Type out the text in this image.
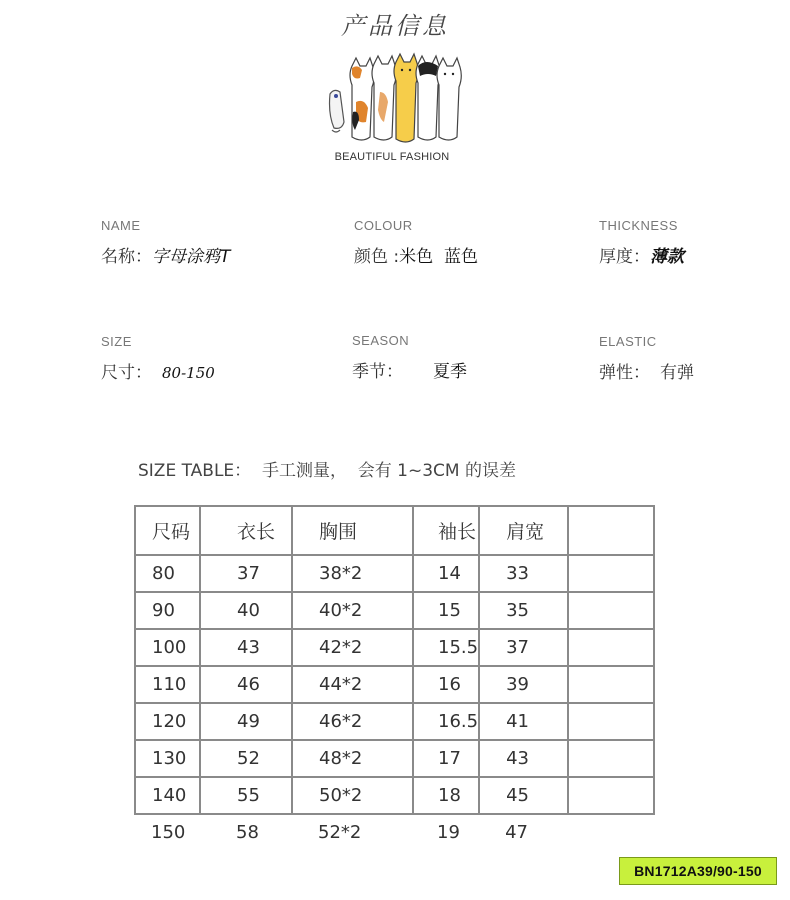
产品信息
BEAUTIFUL FASHION
NAME
名称：字母涂鸦T
COLOUR
颜色 :米色  蓝色
THICKNESS
厚度：薄款
SIZE
尺寸： 80-150
SEASON
季节： 夏季
ELASTIC
弹性： 有弹
SIZE TABLE：  手工测量，  会有 1~3CM 的误差
尺码	衣长	胸围	袖长	肩宽	
80	37	38*2	14	33	
90	40	40*2	15	35	
100	43	42*2	15.5	37	
110	46	44*2	16	39	
120	49	46*2	16.5	41	
130	52	48*2	17	43	
140	55	50*2	18	45	
150	58	52*2	19	47	
BN1712A39/90-150
